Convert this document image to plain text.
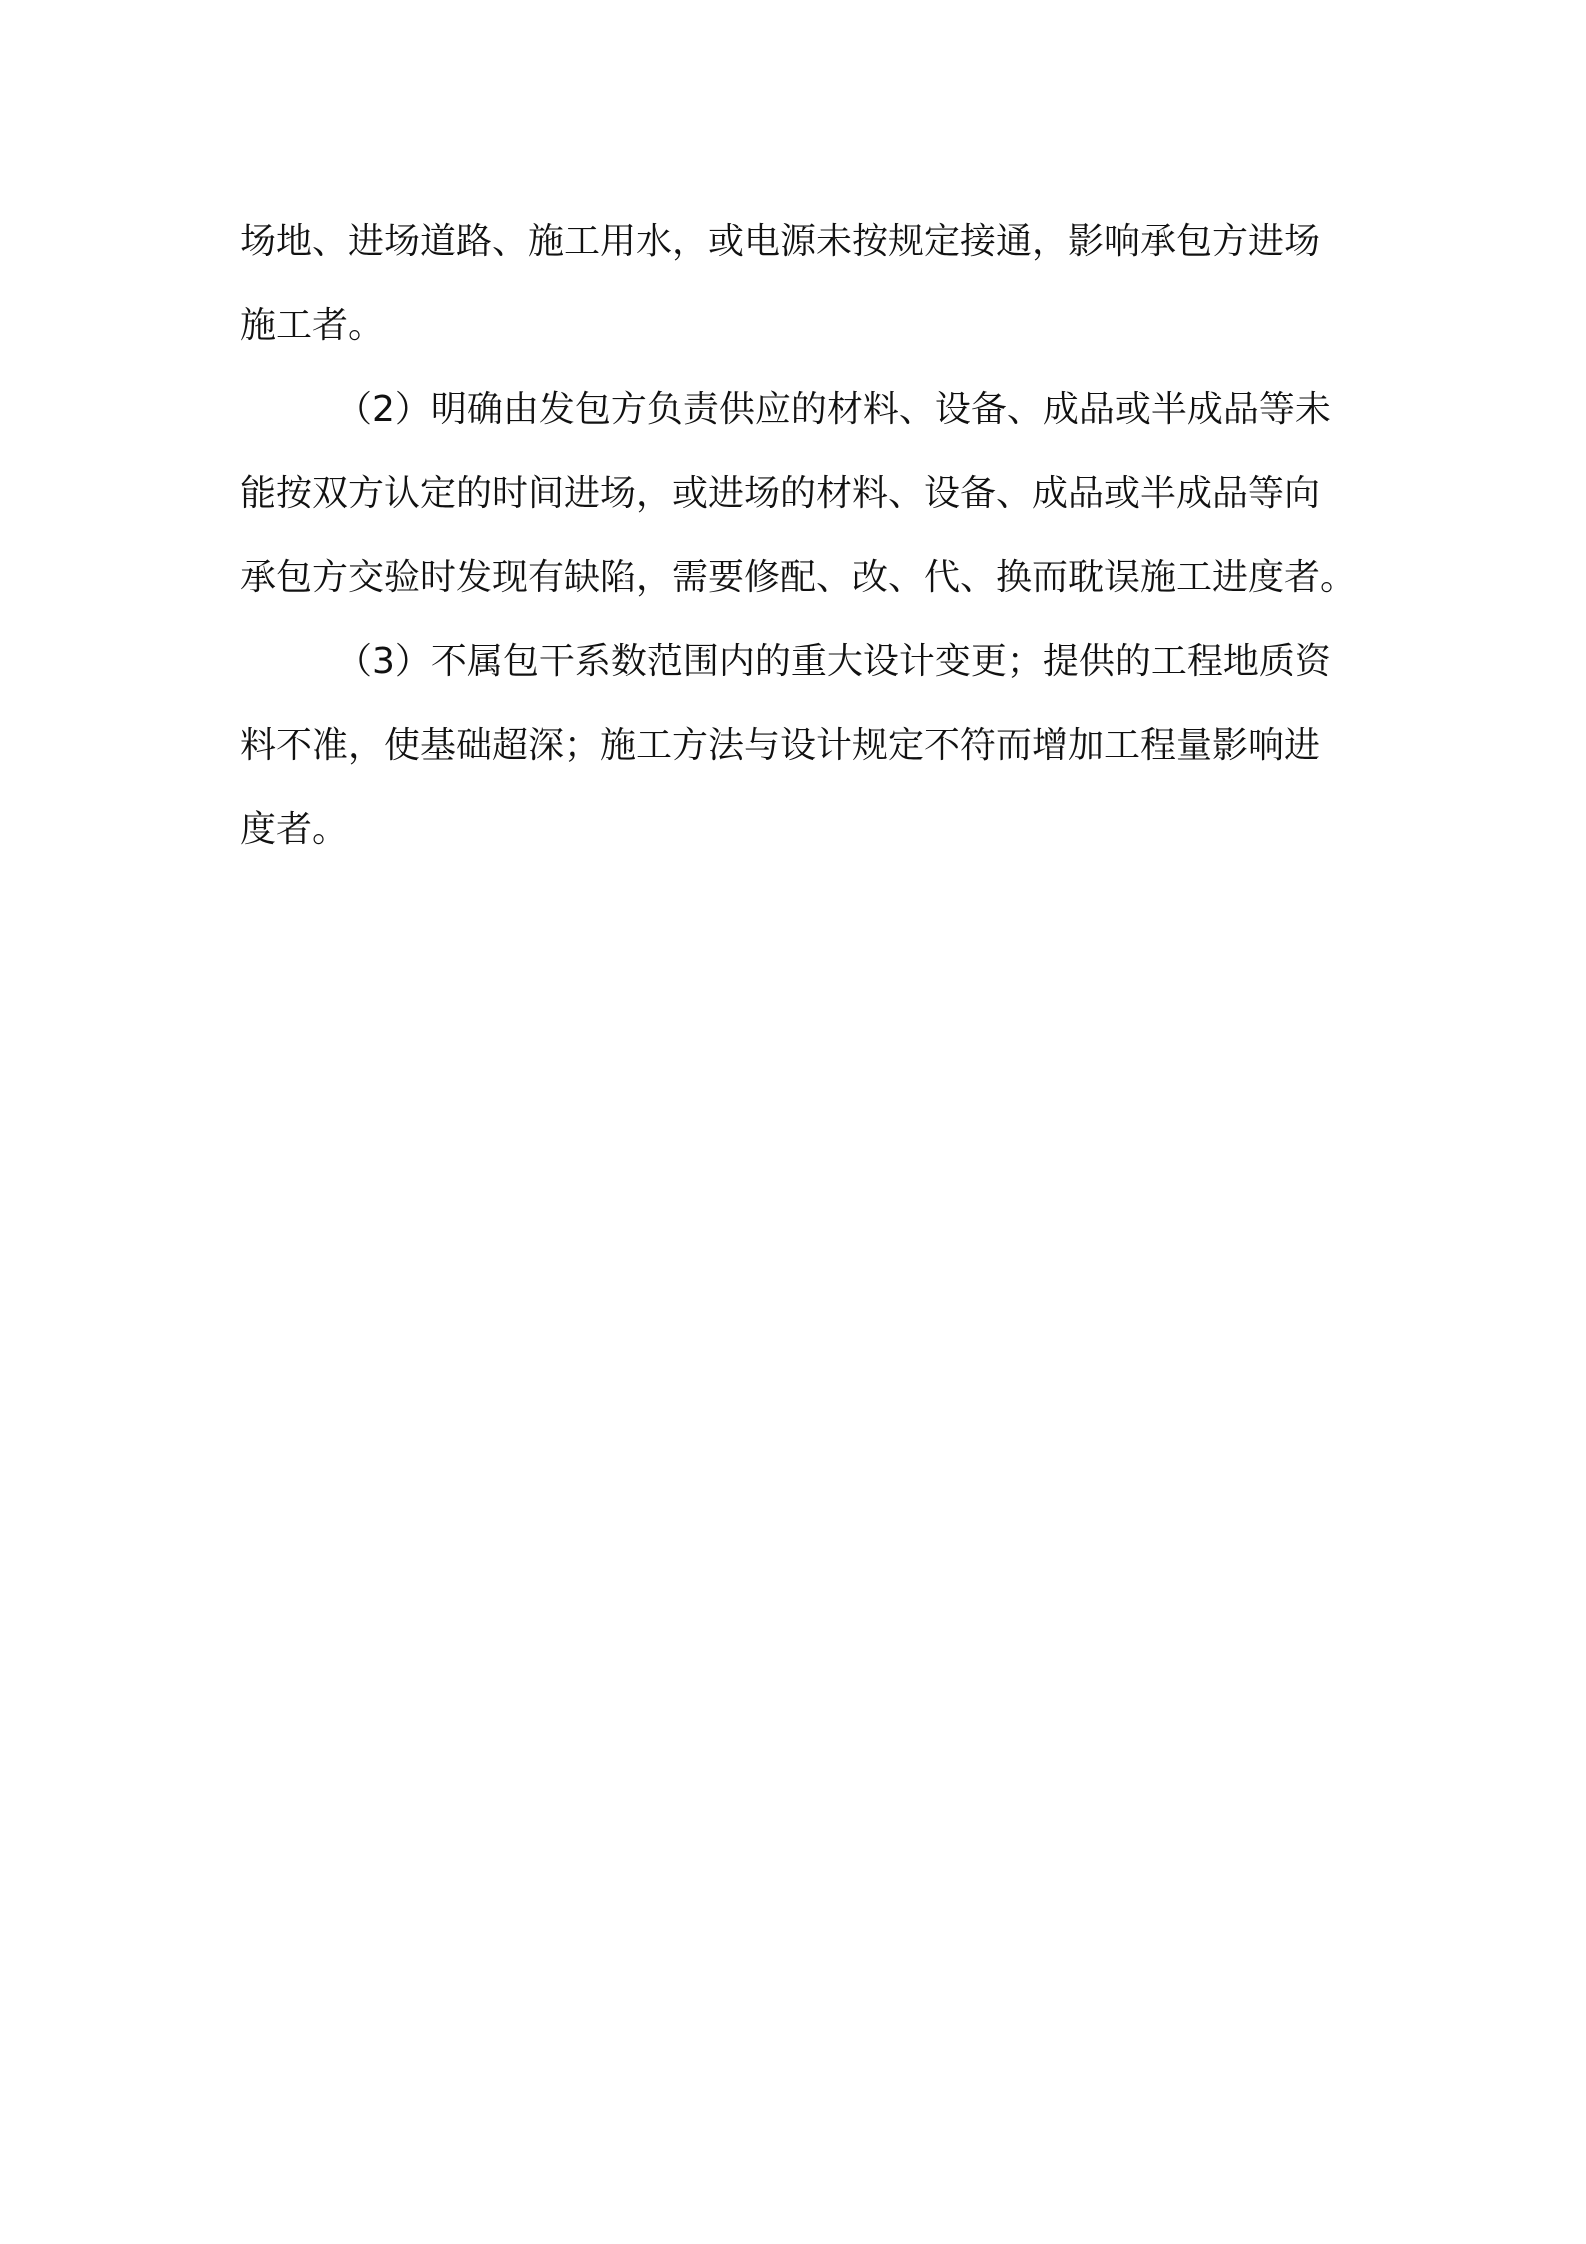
场地、进场道路、施工用水，或电源未按规定接通，影响承包方进场
施工者。
（2）明确由发包方负责供应的材料、设备、成品或半成品等未
能按双方认定的时间进场，或进场的材料、设备、成品或半成品等向
承包方交验时发现有缺陷，需要修配、改、代、换而耽误施工进度者。
（3）不属包干系数范围内的重大设计变更；提供的工程地质资
料不准，使基础超深；施工方法与设计规定不符而增加工程量影响进
度者。
